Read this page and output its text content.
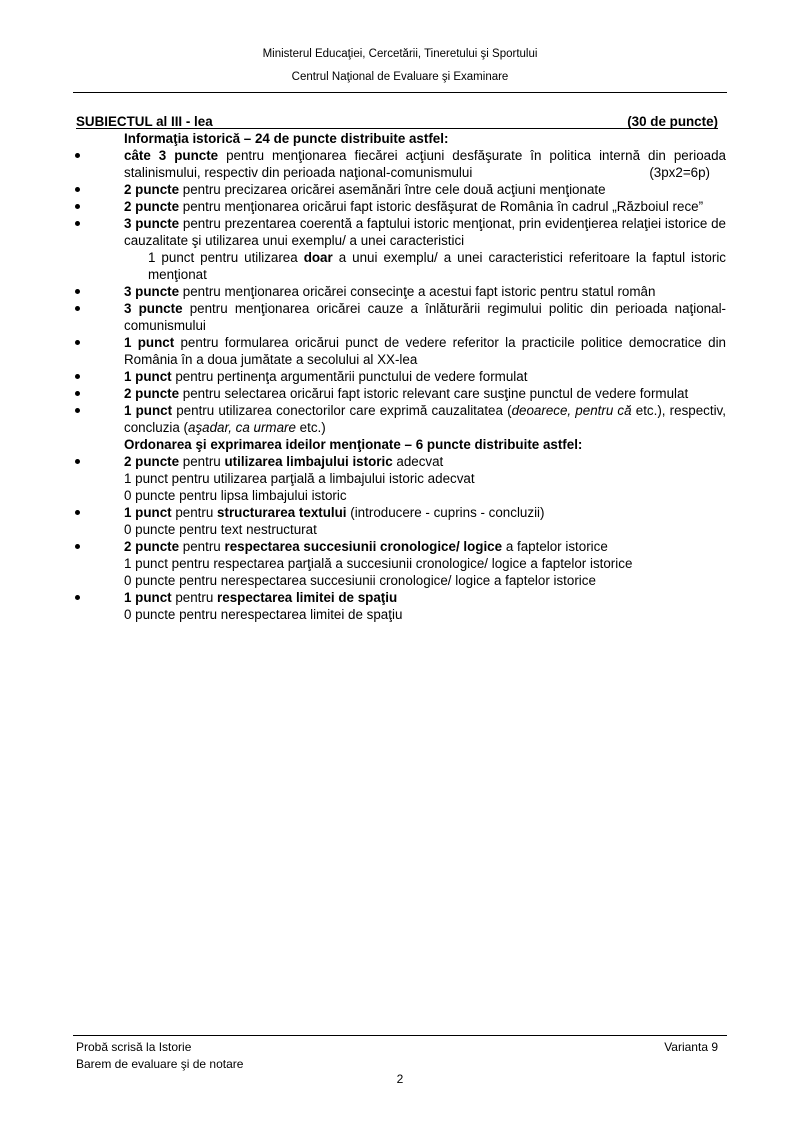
Ministerul Educaţiei, Cercetării, Tineretului şi Sportului
Centrul Naţional de Evaluare şi Examinare
SUBIECTUL al III - lea	(30 de puncte)
Informaţia istorică – 24 de puncte distribuite astfel:
câte 3 puncte pentru menţionarea fiecărei acţiuni desfăşurate în politica internă din perioada stalinismului, respectiv din perioada naţional-comunismului	(3px2=6p)
2 puncte pentru precizarea oricărei asemănări între cele două acţiuni menţionate
2 puncte pentru menţionarea oricărui fapt istoric desfăşurat de România în cadrul „Războiul rece”
3 puncte pentru prezentarea coerentă a faptului istoric menţionat, prin evidenţierea relaţiei istorice de cauzalitate şi utilizarea unui exemplu/ a unei caracteristici
1 punct pentru utilizarea doar a unui exemplu/ a unei caracteristici referitoare la faptul istoric menţionat
3 puncte pentru menţionarea oricărei consecinţe a acestui fapt istoric pentru statul român
3 puncte pentru menţionarea oricărei cauze a înlăturării regimului politic din perioada naţional-comunismului
1 punct pentru formularea oricărui punct de vedere referitor la practicile politice democratice din România în a doua jumătate a secolului al XX-lea
1 punct pentru pertinenţa argumentării punctului de vedere formulat
2 puncte pentru selectarea oricărui fapt istoric relevant care susţine punctul de vedere formulat
1 punct pentru utilizarea conectorilor care exprimă cauzalitatea (deoarece, pentru că etc.), respectiv, concluzia (aşadar, ca urmare etc.)
Ordonarea şi exprimarea ideilor menţionate – 6 puncte distribuite astfel:
2 puncte pentru utilizarea limbajului istoric adecvat
1 punct pentru utilizarea parţială a limbajului istoric adecvat
0 puncte pentru lipsa limbajului istoric
1 punct pentru structurarea textului (introducere - cuprins - concluzii)
0 puncte pentru text nestructurat
2 puncte pentru respectarea succesiunii cronologice/ logice a faptelor istorice
1 punct pentru respectarea parţială a succesiunii cronologice/ logice a faptelor istorice
0 puncte pentru nerespectarea succesiunii cronologice/ logice a faptelor istorice
1 punct pentru respectarea limitei de spaţiu
0 puncte pentru nerespectarea limitei de spaţiu
Probă scrisă la Istorie
Barem de evaluare şi de notare
Varianta 9
2
